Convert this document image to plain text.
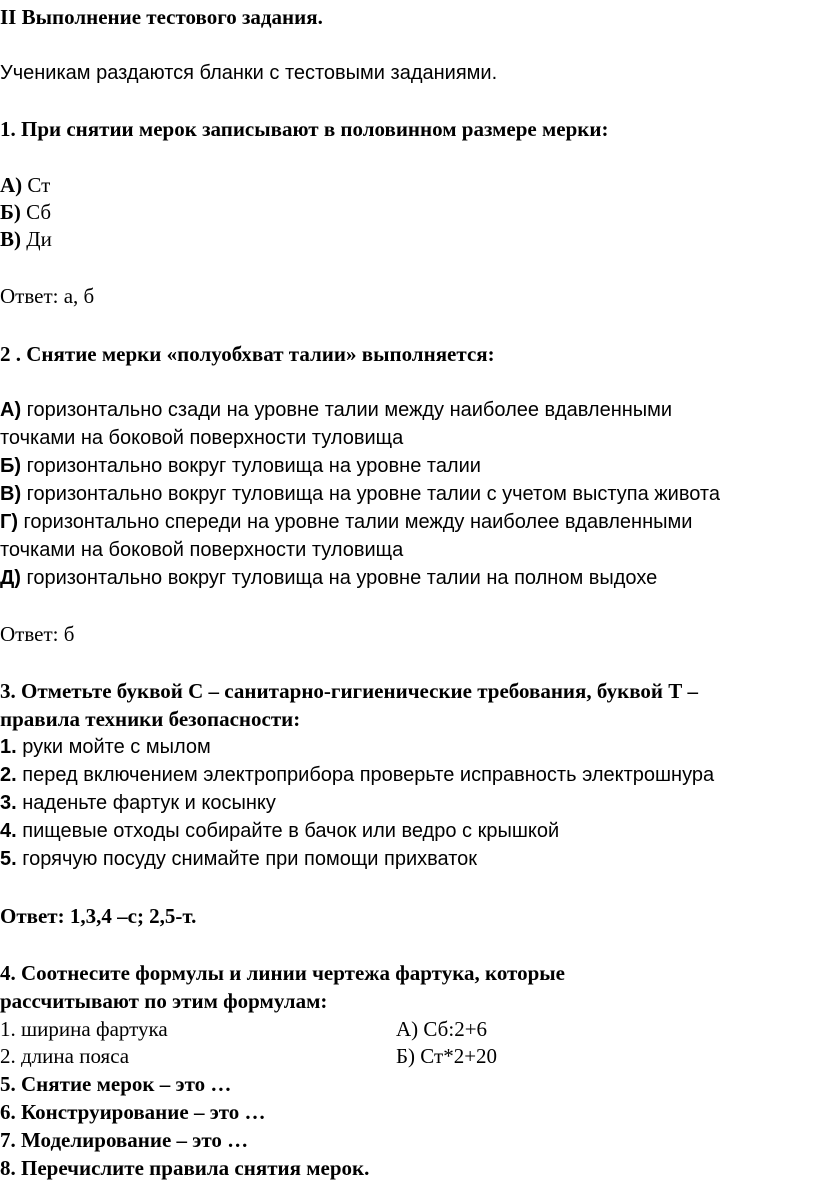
II Выполнение тестового задания.
Ученикам раздаются бланки с тестовыми заданиями.
1. При снятии мерок записывают в половинном размере мерки:
А) Ст
Б) Сб
В) Ди
Ответ: а, б
2 . Снятие мерки «полуобхват талии» выполняется:
А) горизонтально сзади на уровне талии между наиболее вдавленными
точками на боковой поверхности туловища
Б) горизонтально вокруг туловища на уровне талии
В) горизонтально вокруг туловища на уровне талии с учетом выступа живота
Г) горизонтально спереди на уровне талии между наиболее вдавленными
точками на боковой поверхности туловища
Д) горизонтально вокруг туловища на уровне талии на полном выдохе
Ответ: б
3. Отметьте буквой С – санитарно-гигиенические требования, буквой Т –
правила техники безопасности:
1. руки мойте с мылом
2. перед включением электроприбора проверьте исправность электрошнура
3. наденьте фартук и косынку
4. пищевые отходы собирайте в бачок или ведро с крышкой
5. горячую посуду снимайте при помощи прихваток
Ответ: 1,3,4 –с; 2,5-т.
4. Соотнесите формулы и линии чертежа фартука, которые
рассчитывают по этим формулам:
1. ширина фартука	А) Сб:2+6
2. длина пояса	Б) Ст*2+20
5. Снятие мерок – это …
6. Конструирование – это …
7. Моделирование – это …
8. Перечислите правила снятия мерок.
